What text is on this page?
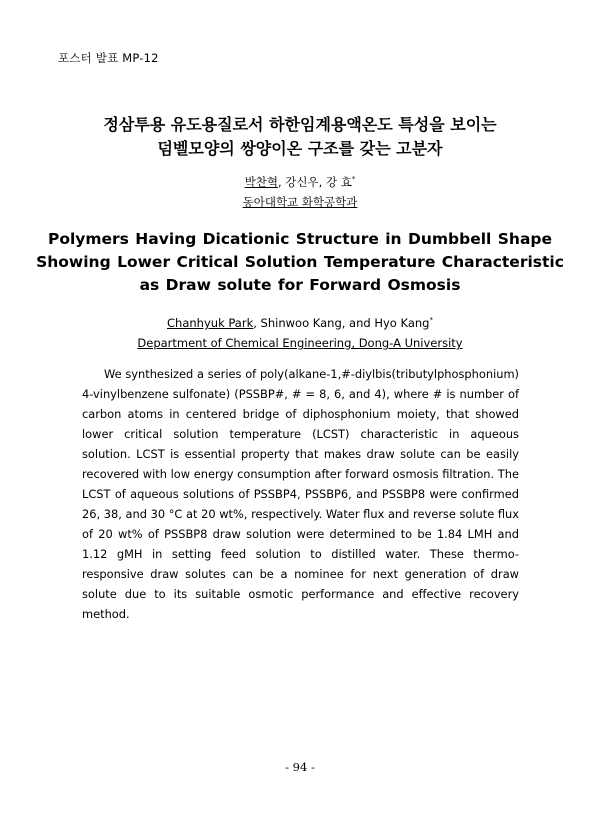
포스터 발표 MP-12
정삼투용 유도용질로서 하한임계용액온도 특성을 보이는
덤벨모양의 쌍양이온 구조를 갖는 고분자
박찬혁, 강신우, 강 효*
동아대학교 화학공학과
Polymers Having Dicationic Structure in Dumbbell Shape
Showing Lower Critical Solution Temperature Characteristic
as Draw solute for Forward Osmosis
Chanhyuk Park, Shinwoo Kang, and Hyo Kang*
Department of Chemical Engineering, Dong-A University
We synthesized a series of poly(alkane-1,#-diylbis(tributylphosphonium) 4-vinylbenzene sulfonate) (PSSBP#, # = 8, 6, and 4), where # is number of carbon atoms in centered bridge of diphosphonium moiety, that showed lower critical solution temperature (LCST) characteristic in aqueous solution. LCST is essential property that makes draw solute can be easily recovered with low energy consumption after forward osmosis filtration. The LCST of aqueous solutions of PSSBP4, PSSBP6, and PSSBP8 were confirmed 26, 38, and 30 °C at 20 wt%, respectively. Water flux and reverse solute flux of 20 wt% of PSSBP8 draw solution were determined to be 1.84 LMH and 1.12 gMH in setting feed solution to distilled water. These thermo-responsive draw solutes can be a nominee for next generation of draw solute due to its suitable osmotic performance and effective recovery method.
- 94 -
